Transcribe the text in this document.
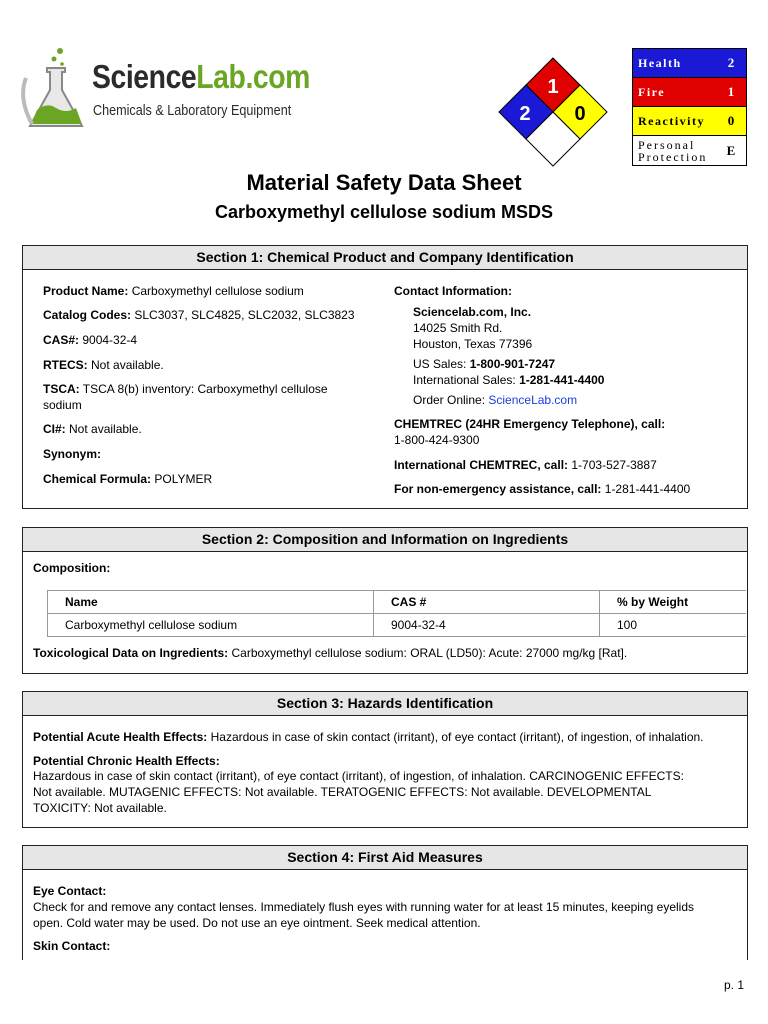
ScienceLab.com
Chemicals & Laboratory Equipment
1
2 0
Health	2
Fire	1
Reactivity	0
Personal Protection	E
Material Safety Data Sheet
Carboxymethyl cellulose sodium MSDS
Section 1: Chemical Product and Company Identification
Product Name: Carboxymethyl cellulose sodium
Catalog Codes: SLC3037, SLC4825, SLC2032, SLC3823
CAS#: 9004-32-4
RTECS: Not available.
TSCA: TSCA 8(b) inventory: Carboxymethyl cellulose
sodium
CI#: Not available.
Synonym:
Chemical Formula: POLYMER
Contact Information:
Sciencelab.com, Inc.
14025 Smith Rd.
Houston, Texas 77396
US Sales: 1-800-901-7247
International Sales: 1-281-441-4400
Order Online: ScienceLab.com
CHEMTREC (24HR Emergency Telephone), call:
1-800-424-9300
International CHEMTREC, call: 1-703-527-3887
For non-emergency assistance, call: 1-281-441-4400
Section 2: Composition and Information on Ingredients
Composition:
Name	CAS #	% by Weight
Carboxymethyl cellulose sodium	9004-32-4	100
Toxicological Data on Ingredients: Carboxymethyl cellulose sodium: ORAL (LD50): Acute: 27000 mg/kg [Rat].
Section 3: Hazards Identification
Potential Acute Health Effects: Hazardous in case of skin contact (irritant), of eye contact (irritant), of ingestion, of inhalation.
Potential Chronic Health Effects:
Hazardous in case of skin contact (irritant), of eye contact (irritant), of ingestion, of inhalation. CARCINOGENIC EFFECTS:
Not available. MUTAGENIC EFFECTS: Not available. TERATOGENIC EFFECTS: Not available. DEVELOPMENTAL
TOXICITY: Not available.
Section 4: First Aid Measures
Eye Contact:
Check for and remove any contact lenses. Immediately flush eyes with running water for at least 15 minutes, keeping eyelids
open. Cold water may be used. Do not use an eye ointment. Seek medical attention.
Skin Contact:
p. 1
